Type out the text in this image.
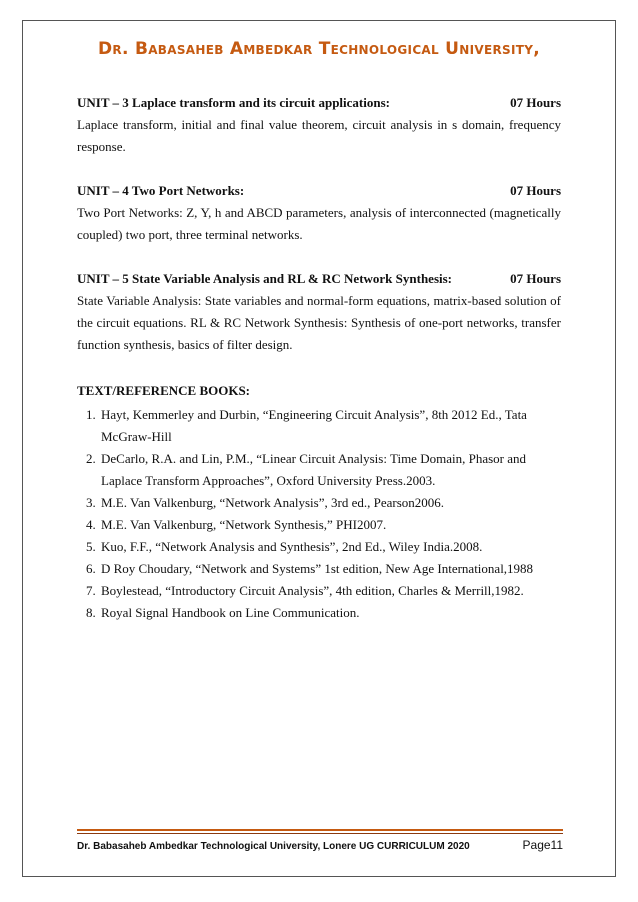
Dr. Babasaheb Ambedkar Technological University,
UNIT – 3 Laplace transform and its circuit applications:	07 Hours

Laplace transform, initial and final value theorem, circuit analysis in s domain, frequency response.

UNIT – 4 Two Port Networks:	07 Hours

Two Port Networks: Z, Y, h and ABCD parameters, analysis of interconnected (magnetically coupled) two port, three terminal networks.

UNIT – 5 State Variable Analysis and RL & RC Network Synthesis:	07 Hours

State Variable Analysis: State variables and normal-form equations, matrix-based solution of the circuit equations. RL & RC Network Synthesis: Synthesis of one-port networks, transfer function synthesis, basics of filter design.

TEXT/REFERENCE BOOKS:
1. Hayt, Kemmerley and Durbin, “Engineering Circuit Analysis”, 8th 2012 Ed., Tata McGraw-Hill
2. DeCarlo, R.A. and Lin, P.M., “Linear Circuit Analysis: Time Domain, Phasor and Laplace Transform Approaches”, Oxford University Press.2003.
3. M.E. Van Valkenburg, “Network Analysis”, 3rd ed., Pearson2006.
4. M.E. Van Valkenburg, “Network Synthesis,” PHI2007.
5. Kuo, F.F., “Network Analysis and Synthesis”, 2nd Ed., Wiley India.2008.
6. D Roy Choudary, “Network and Systems” 1st edition, New Age International,1988
7. Boylestead, “Introductory Circuit Analysis”, 4th edition, Charles & Merrill,1982.
8. Royal Signal Handbook on Line Communication.
Dr. Babasaheb Ambedkar Technological University, Lonere UG CURRICULUM 2020	Page11
